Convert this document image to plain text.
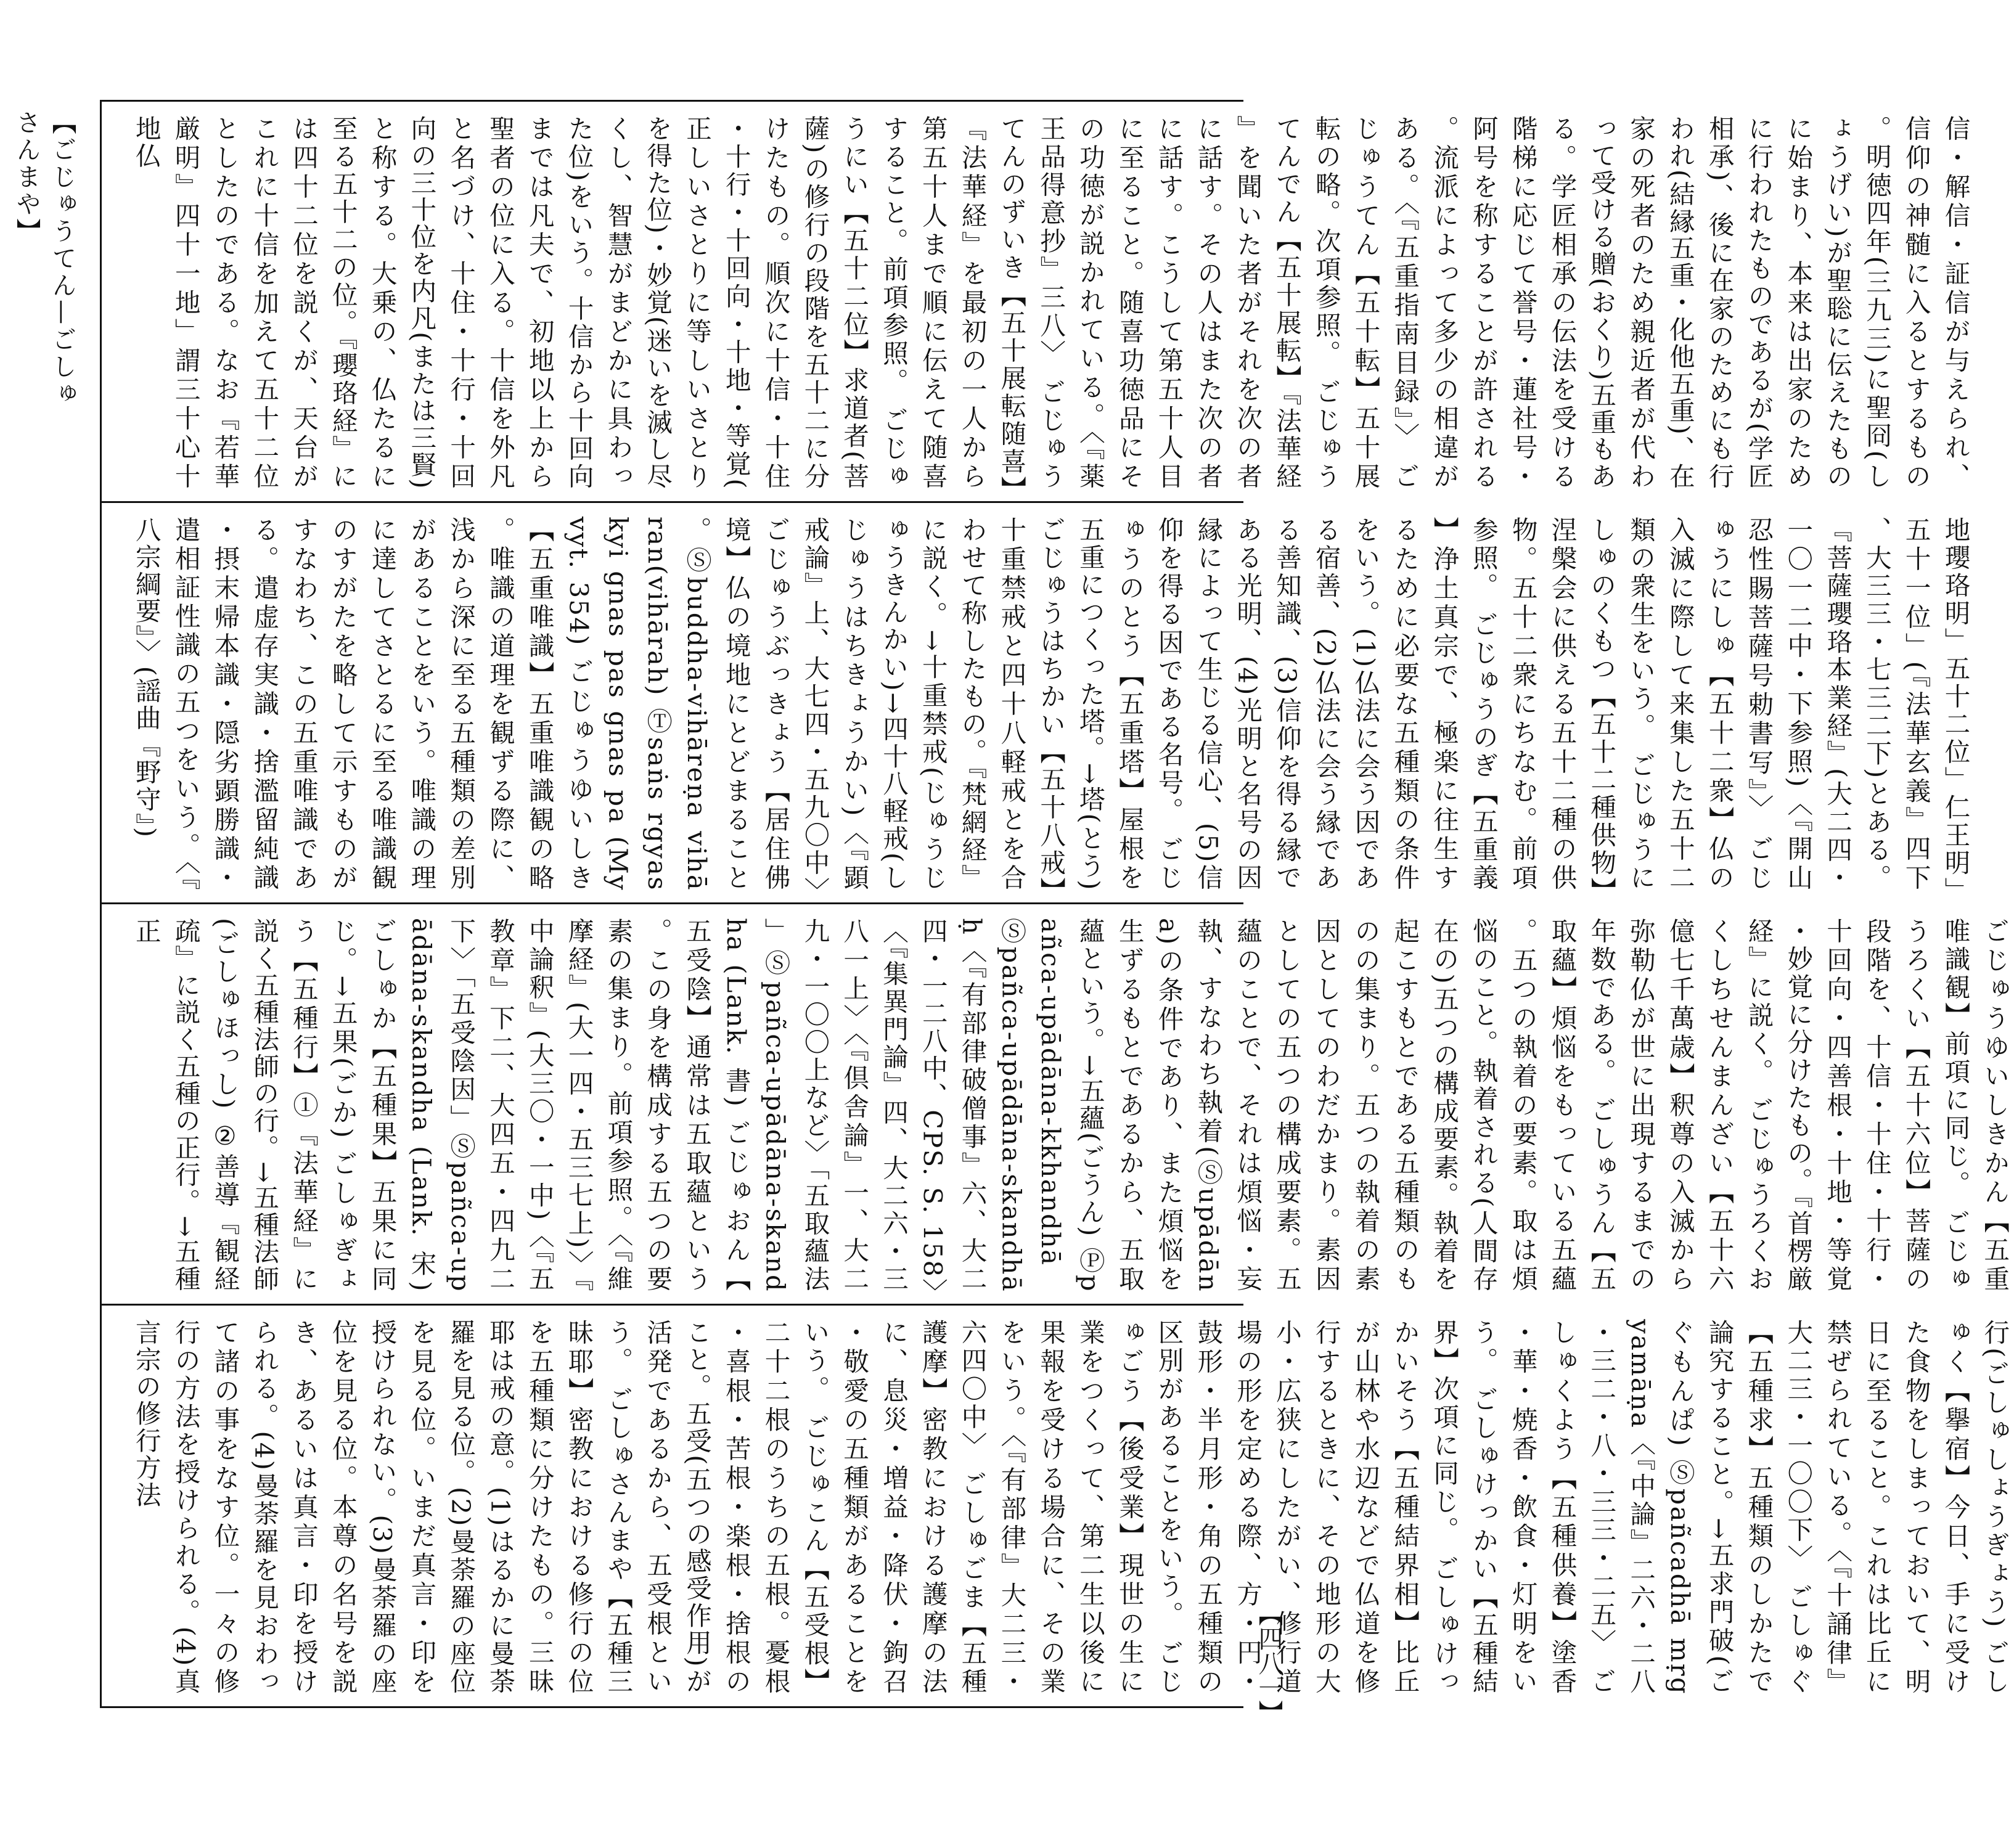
【ごじゅうてん—ごしゅさんまや】	信・解信・証信が与えられ、信仰の神髄に入るとするもの。明徳四年(三九三)に聖冏(しょうげい)が聖聡に伝えたものに始まり、本来は出家のために行われたものであるが(学匠相承)、後に在家のためにも行われ(結縁五重・化他五重)、在家の死者のため親近者が代わって受ける贈(おくり)五重もある。学匠相承の伝法を受ける階梯に応じて誉号・蓮社号・阿号を称することが許される。流派によって多少の相違がある。〈『五重指南目録』〉 ごじゅうてん【五十転】五十展転の略。次項参照。 ごじゅうてんでん【五十展転】『法華経』を聞いた者がそれを次の者に話す。その人はまた次の者に話す。こうして第五十人目に至ること。随喜功徳品にその功徳が説かれている。〈『薬王品得意抄』三八〉 ごじゅうてんのずいき【五十展転随喜】『法華経』を最初の一人から第五十人まで順に伝えて随喜すること。前項参照。 ごじゅうにい【五十二位】求道者(菩薩)の修行の段階を五十二に分けたもの。順次に十信・十住・十行・十回向・十地・等覚(正しいさとりに等しいさとりを得た位)・妙覚(迷いを滅し尽くし、智慧がまどかに具わった位)をいう。十信から十回向までは凡夫で、初地以上から聖者の位に入る。十信を外凡と名づけ、十住・十行・十回向の三十位を内凡(または三賢)と称する。大乗の、仏たるに至る五十二の位。『瓔珞経』には四十二位を説くが、天台がこれに十信を加えて五十二位としたのである。なお『若華厳明』四十一地」謂三十心十地仏

地瓔珞明」五十二位」仁王明」五十一位」(『法華玄義』四下、大三三・七三二下)とある。『菩薩瓔珞本業経』(大二四・一〇一二中・下参照)〈『開山忍性賜菩薩号勅書写』〉 ごじゅうにしゅ【五十二衆】仏の入滅に際して来集した五十二類の衆生をいう。 ごじゅうにしゅのくもつ【五十二種供物】涅槃会に供える五十二種の供物。五十二衆にちなむ。前項参照。 ごじゅうのぎ【五重義】浄土真宗で、極楽に往生するために必要な五種類の条件をいう。(1)仏法に会う因である宿善、(2)仏法に会う縁である善知識、(3)信仰を得る縁である光明、(4)光明と名号の因縁によって生じる信心、(5)信仰を得る因である名号。 ごじゅうのとう【五重塔】屋根を五重につくった塔。→塔(とう) ごじゅうはちかい【五十八戒】十重禁戒と四十八軽戒とを合わせて称したもの。『梵網経』に説く。→十重禁戒(じゅうじゅうきんかい)→四十八軽戒(しじゅうはちきょうかい)〈『顕戒論』上、大七四・五九〇中〉 ごじゅうぶっきょう【居住佛境】仏の境地にとどまること。Ⓢbuddha-vihāreṇa vihāran(vihārah) Ⓣsaṅs rgyas kyi gnas pas gnas pa (Myvyt. 354) ごじゅうゆいしき【五重唯識】五重唯識観の略。唯識の道理を観ずる際に、浅から深に至る五種類の差別があることをいう。唯識の理に達してさとるに至る唯識観のすがたを略して示すものがすなわち、この五重唯識である。遣虚存実識・捨濫留純識・摂末帰本識・隠劣顕勝識・遣相証性識の五つをいう。〈『八宗綱要』〉(謡曲『野守』)

ごじゅうゆいしきかん【五重唯識観】前項に同じ。 ごじゅうろくい【五十六位】菩薩の段階を、十信・十住・十行・十回向・四善根・十地・等覚・妙覚に分けたもの。『首楞厳経』に説く。 ごじゅうろくおくしちせんまんざい【五十六億七千萬歳】釈尊の入滅から弥勒仏が世に出現するまでの年数である。 ごしゅうん【五取蘊】煩悩をもっている五蘊。五つの執着の要素。取は煩悩のこと。執着される(人間存在の)五つの構成要素。執着を起こすもとである五種類のものの集まり。五つの執着の素因としてのわだかまり。素因としての五つの構成要素。五蘊のことで、それは煩悩・妄執、すなわち執着(Ⓢupādāna)の条件であり、また煩悩を生ずるもとであるから、五取蘊という。→五蘊(ごうん) Ⓟpañca-upādāna-kkhandhā Ⓢpañca-upādāna-skandhāḥ〈『有部律破僧事』六、大二四・一二八中、CPS. S. 158〉〈『集異門論』四、大二六・三八一上〉〈『倶舎論』一、大二九・一〇〇上など〉「五取蘊法」Ⓢpañca-upādāna-skandha (Lank. 書) ごじゅおん【五受陰】通常は五取蘊という。この身を構成する五つの要素の集まり。前項参照。〈『維摩経』(大一四・五三七上)〉『中論釈』(大三〇・一中)〈『五教章』下二、大四五・四九二下〉「五受陰因」Ⓢpañca-upādāna-skandha (Lank. 宋) ごしゅか【五種果】五果に同じ。→五果(ごか) ごしゅぎょう【五種行】①『法華経』に説く五種法師の行。→五種法師(ごしゅほっし) ②善導『観経疏』に説く五種の正行。→五種正

行(ごしゅしょうぎょう) ごしゅく【擧宿】今日、手に受けた食物をしまっておいて、明日に至ること。これは比丘に禁ぜられている。〈『十誦律』大二三・一〇〇下〉 ごしゅぐ【五種求】五種類のしかたで論究すること。→五求門破(ごぐもんぱ) Ⓢpañcadhā mṛgyamāṇa〈『中論』二六・二八・三二・八・三三・二五〉 ごしゅくよう【五種供養】塗香・華・焼香・飲食・灯明をいう。 ごしゅけっかい【五種結界】次項に同じ。 ごしゅけっかいそう【五種結界相】比丘が山林や水辺などで仏道を修行するときに、その地形の大小・広狭にしたがい、修行道場の形を定める際、方・円・鼓形・半月形・角の五種類の区別があることをいう。 ごじゅごう【後受業】現世の生に業をつくって、第二生以後に果報を受ける場合に、その業をいう。〈『有部律』大二三・六四〇中〉 ごしゅごま【五種護摩】密教における護摩の法に、息災・増益・降伏・鉤召・敬愛の五種類があることをいう。 ごじゅこん【五受根】二十二根のうちの五根。憂根・喜根・苦根・楽根・捨根のこと。五受(五つの感受作用)が活発であるから、五受根という。 ごしゅさんまや【五種三昧耶】密教における修行の位を五種類に分けたもの。三昧耶は戒の意。(1)はるかに曼荼羅を見る位。(2)曼荼羅の座位を見る位。いまだ真言・印を授けられない。(3)曼荼羅の座位を見る位。本尊の名号を説き、あるいは真言・印を授けられる。(4)曼荼羅を見おわって諸の事をなす位。一々の修行の方法を授けられる。(4)真言宗の修行方法

【四八一】
